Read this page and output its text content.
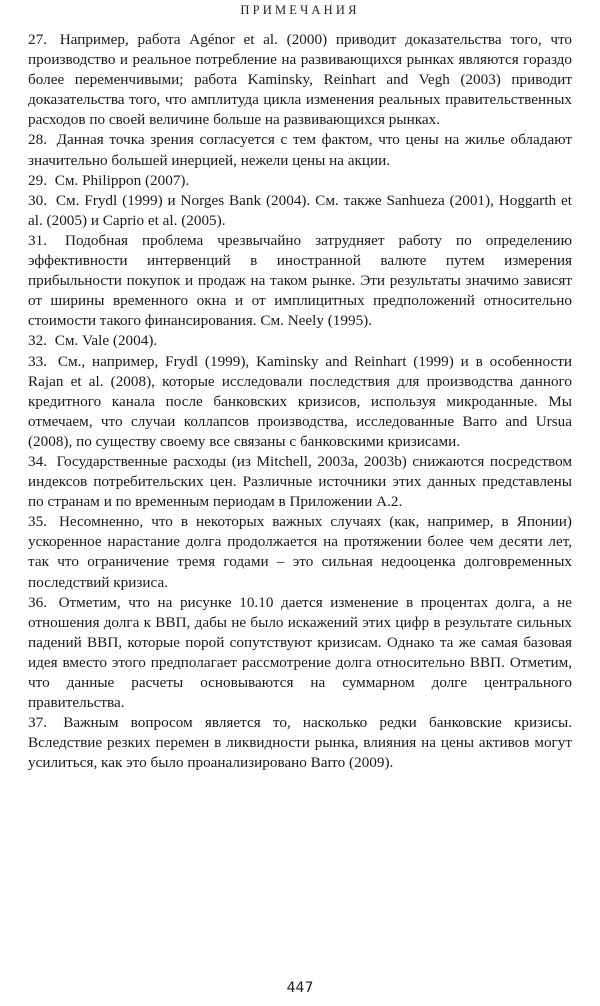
ПРИМЕЧАНИЯ

27. Например, работа Agénor et al. (2000) приводит доказательства того, что производство и реальное потребление на развивающихся рынках являются гораздо более переменчивыми; работа Kaminsky, Reinhart and Vegh (2003) приводит доказательства того, что амплитуда цикла изменения реальных правительственных расходов по своей величине больше на развивающихся рынках.

28. Данная точка зрения согласуется с тем фактом, что цены на жилье обладают значительно большей инерцией, нежели цены на акции.

29. См. Philippon (2007).

30. См. Frydl (1999) и Norges Bank (2004). См. также Sanhueza (2001), Hoggarth et al. (2005) и Caprio et al. (2005).

31. Подобная проблема чрезвычайно затрудняет работу по определению эффективности интервенций в иностранной валюте путем измерения прибыльности покупок и продаж на таком рынке. Эти результаты значимо зависят от ширины временного окна и от имплицитных предположений относительно стоимости такого финансирования. См. Neely (1995).

32. См. Vale (2004).

33. См., например, Frydl (1999), Kaminsky and Reinhart (1999) и в особенности Rajan et al. (2008), которые исследовали последствия для производства данного кредитного канала после банковских кризисов, используя микроданные. Мы отмечаем, что случаи коллапсов производства, исследованные Barro and Ursua (2008), по существу своему все связаны с банковскими кризисами.

34. Государственные расходы (из Mitchell, 2003a, 2003b) снижаются посредством индексов потребительских цен. Различные источники этих данных представлены по странам и по временным периодам в Приложении А.2.

35. Несомненно, что в некоторых важных случаях (как, например, в Японии) ускоренное нарастание долга продолжается на протяжении более чем десяти лет, так что ограничение тремя годами – это сильная недооценка долговременных последствий кризиса.

36. Отметим, что на рисунке 10.10 дается изменение в процентах долга, а не отношения долга к ВВП, дабы не было искажений этих цифр в результате сильных падений ВВП, которые порой сопутствуют кризисам. Однако та же самая базовая идея вместо этого предполагает рассмотрение долга относительно ВВП. Отметим, что данные расчеты основываются на суммарном долге центрального правительства.

37. Важным вопросом является то, насколько редки банковские кризисы. Вследствие резких перемен в ликвидности рынка, влияния на цены активов могут усилиться, как это было проанализировано Barro (2009).

447
